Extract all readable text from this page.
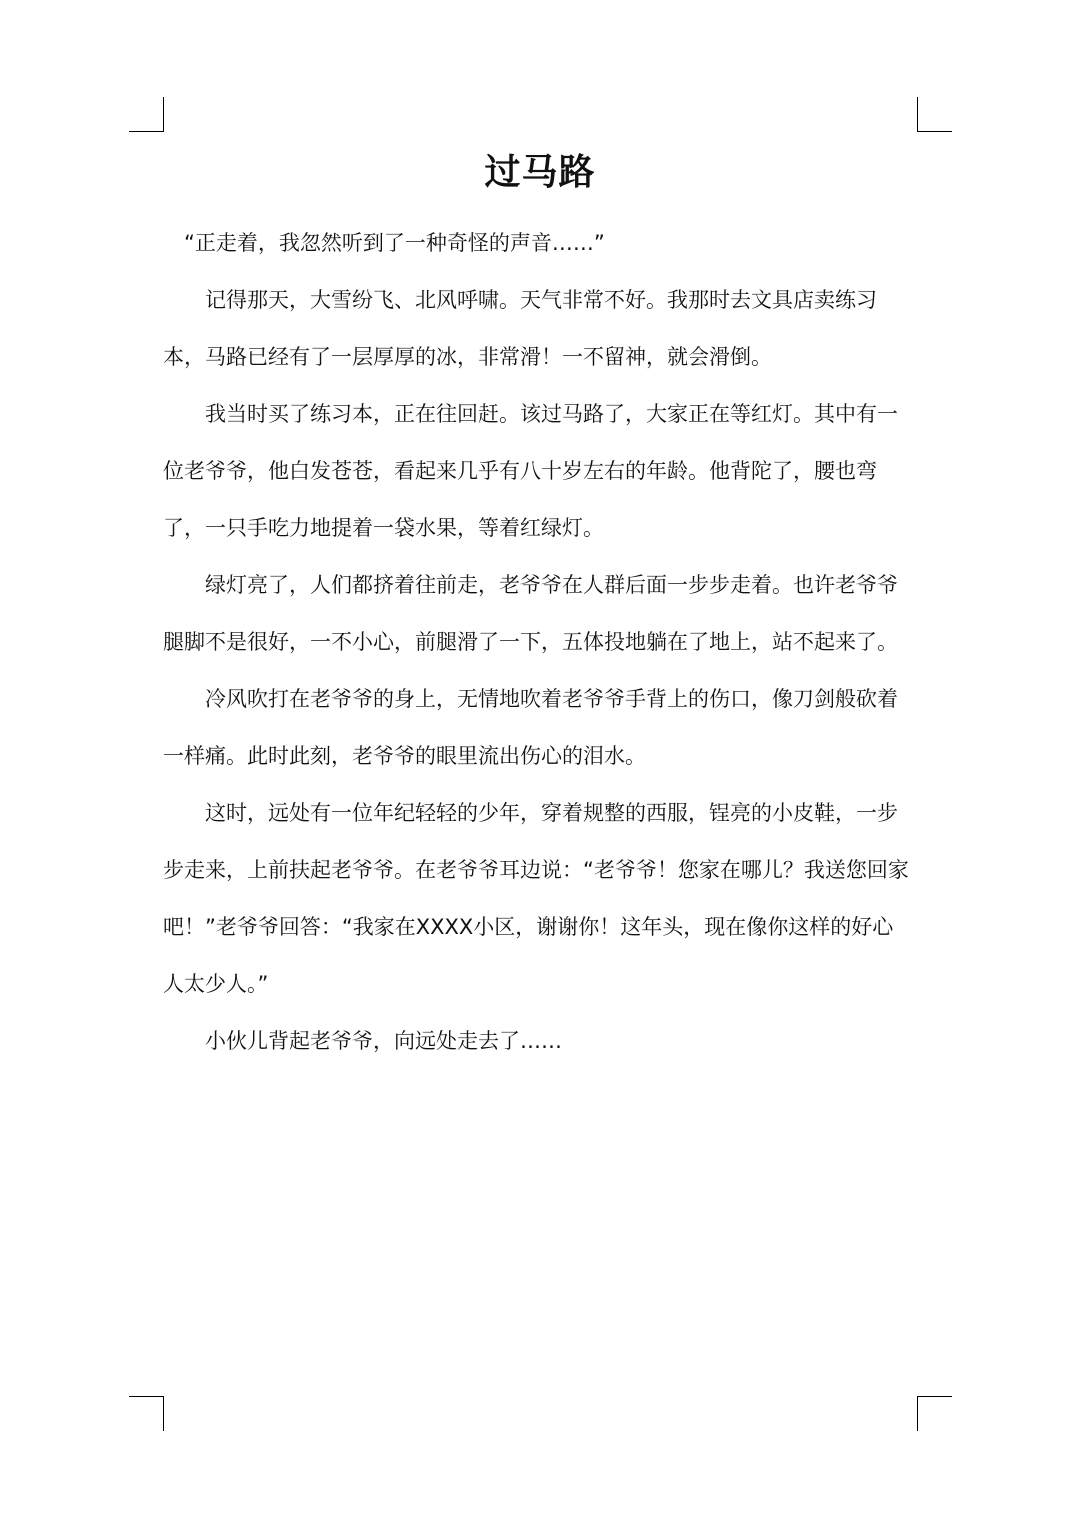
过马路

“正走着，我忽然听到了一种奇怪的声音……”

记得那天，大雪纷飞、北风呼啸。天气非常不好。我那时去文具店卖练习本，马路已经有了一层厚厚的冰，非常滑！一不留神，就会滑倒。

我当时买了练习本，正在往回赶。该过马路了，大家正在等红灯。其中有一位老爷爷，他白发苍苍，看起来几乎有八十岁左右的年龄。他背陀了，腰也弯了，一只手吃力地提着一袋水果，等着红绿灯。

绿灯亮了，人们都挤着往前走，老爷爷在人群后面一步步走着。也许老爷爷腿脚不是很好，一不小心，前腿滑了一下，五体投地躺在了地上，站不起来了。

冷风吹打在老爷爷的身上，无情地吹着老爷爷手背上的伤口，像刀剑般砍着一样痛。此时此刻，老爷爷的眼里流出伤心的泪水。

这时，远处有一位年纪轻轻的少年，穿着规整的西服，锃亮的小皮鞋，一步步走来，上前扶起老爷爷。在老爷爷耳边说：“老爷爷！您家在哪儿？我送您回家吧！”老爷爷回答：“我家在XXXX小区，谢谢你！这年头，现在像你这样的好心人太少人。”

小伙儿背起老爷爷，向远处走去了……
